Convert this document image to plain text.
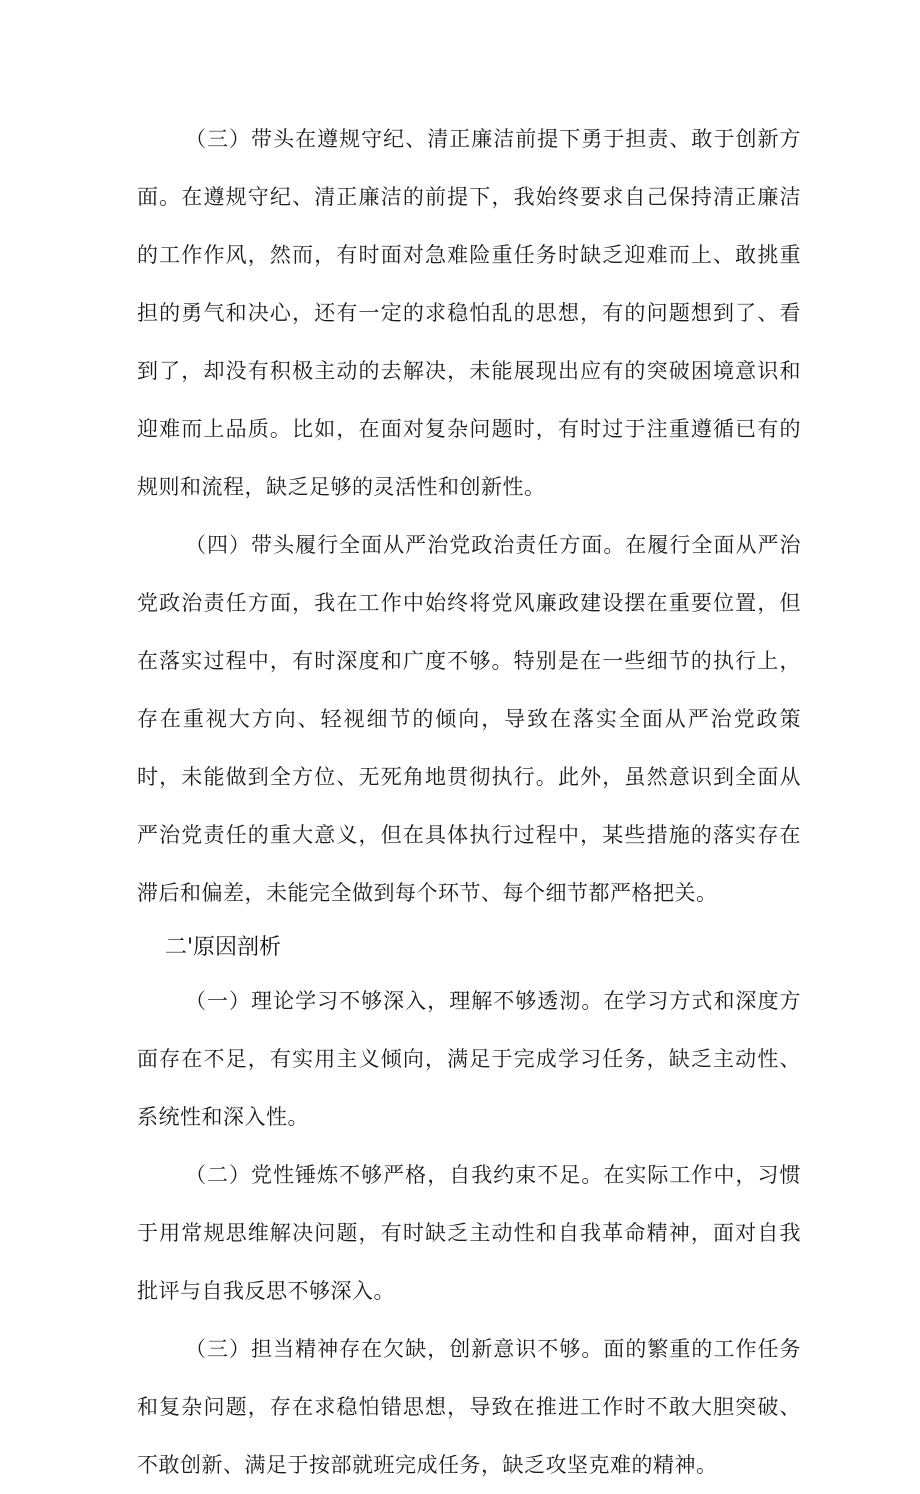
（三）带头在遵规守纪、清正廉洁前提下勇于担责、敢于创新方面。在遵规守纪、清正廉洁的前提下，我始终要求自己保持清正廉洁的工作作风，然而，有时面对急难险重任务时缺乏迎难而上、敢挑重担的勇气和决心，还有一定的求稳怕乱的思想，有的问题想到了、看到了，却没有积极主动的去解决，未能展现出应有的突破困境意识和迎难而上品质。比如，在面对复杂问题时，有时过于注重遵循已有的规则和流程，缺乏足够的灵活性和创新性。

（四）带头履行全面从严治党政治责任方面。在履行全面从严治党政治责任方面，我在工作中始终将党风廉政建设摆在重要位置，但在落实过程中，有时深度和广度不够。特别是在一些细节的执行上，存在重视大方向、轻视细节的倾向，导致在落实全面从严治党政策时，未能做到全方位、无死角地贯彻执行。此外，虽然意识到全面从严治党责任的重大意义，但在具体执行过程中，某些措施的落实存在滞后和偏差，未能完全做到每个环节、每个细节都严格把关。

二'原因剖析

（一）理论学习不够深入，理解不够透沏。在学习方式和深度方面存在不足，有实用主义倾向，满足于完成学习任务，缺乏主动性、系统性和深入性。

（二）党性锤炼不够严格，自我约束不足。在实际工作中，习惯于用常规思维解决问题，有时缺乏主动性和自我革命精神，面对自我批评与自我反思不够深入。

（三）担当精神存在欠缺，创新意识不够。面的繁重的工作任务和复杂问题，存在求稳怕错思想，导致在推进工作时不敢大胆突破、不敢创新、满足于按部就班完成任务，缺乏攻坚克难的精神。
